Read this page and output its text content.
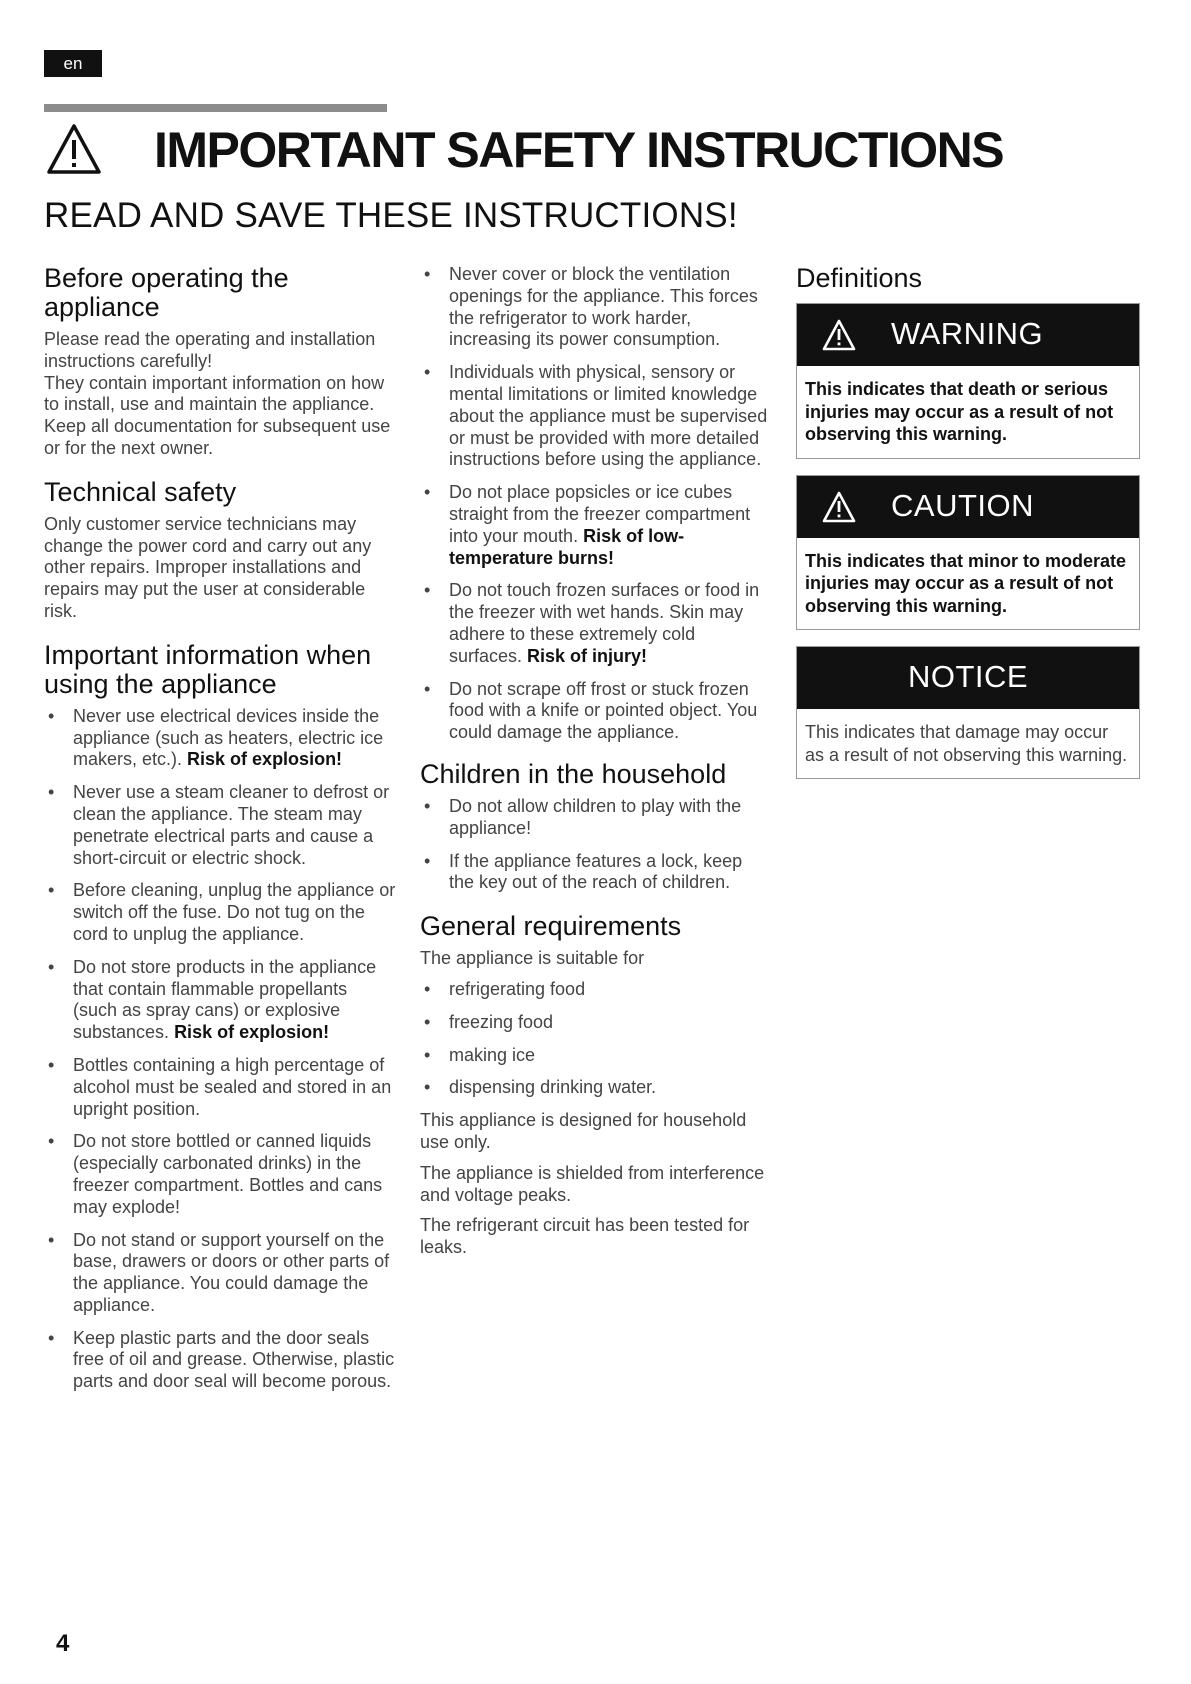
en
IMPORTANT SAFETY INSTRUCTIONS
READ AND SAVE THESE INSTRUCTIONS!
Before operating the appliance

Please read the operating and installation instructions carefully!

They contain important information on how to install, use and maintain the appliance.

Keep all documentation for subsequent use or for the next owner.

Technical safety

Only customer service technicians may change the power cord and carry out any other repairs. Improper installations and repairs may put the user at considerable risk.

Important information when using the appliance
• Never use electrical devices inside the appliance (such as heaters, electric ice makers, etc.). Risk of explosion!
• Never use a steam cleaner to defrost or clean the appliance. The steam may penetrate electrical parts and cause a short-circuit or electric shock.
• Before cleaning, unplug the appliance or switch off the fuse. Do not tug on the cord to unplug the appliance.
• Do not store products in the appliance that contain flammable propellants (such as spray cans) or explosive substances. Risk of explosion!
• Bottles containing a high percentage of alcohol must be sealed and stored in an upright position.
• Do not store bottled or canned liquids (especially carbonated drinks) in the freezer compartment. Bottles and cans may explode!
• Do not stand or support yourself on the base, drawers or doors or other parts of the appliance. You could damage the appliance.
• Keep plastic parts and the door seals free of oil and grease. Otherwise, plastic parts and door seal will become porous.
• Never cover or block the ventilation openings for the appliance. This forces the refrigerator to work harder, increasing its power consumption.
• Individuals with physical, sensory or mental limitations or limited knowledge about the appliance must be supervised or must be provided with more detailed instructions before using the appliance.
• Do not place popsicles or ice cubes straight from the freezer compartment into your mouth. Risk of low-temperature burns!
• Do not touch frozen surfaces or food in the freezer with wet hands. Skin may adhere to these extremely cold surfaces. Risk of injury!
• Do not scrape off frost or stuck frozen food with a knife or pointed object. You could damage the appliance.
Children in the household
• Do not allow children to play with the appliance!
• If the appliance features a lock, keep the key out of the reach of children.
General requirements

The appliance is suitable for

• refrigerating food
• freezing food
• making ice
• dispensing drinking water.

This appliance is designed for household use only.

The appliance is shielded from interference and voltage peaks.

The refrigerant circuit has been tested for leaks.

Definitions
WARNING
This indicates that death or serious injuries may occur as a result of not observing this warning.
CAUTION
This indicates that minor to moderate injuries may occur as a result of not observing this warning.
NOTICE
This indicates that damage may occur as a result of not observing this warning.
4
